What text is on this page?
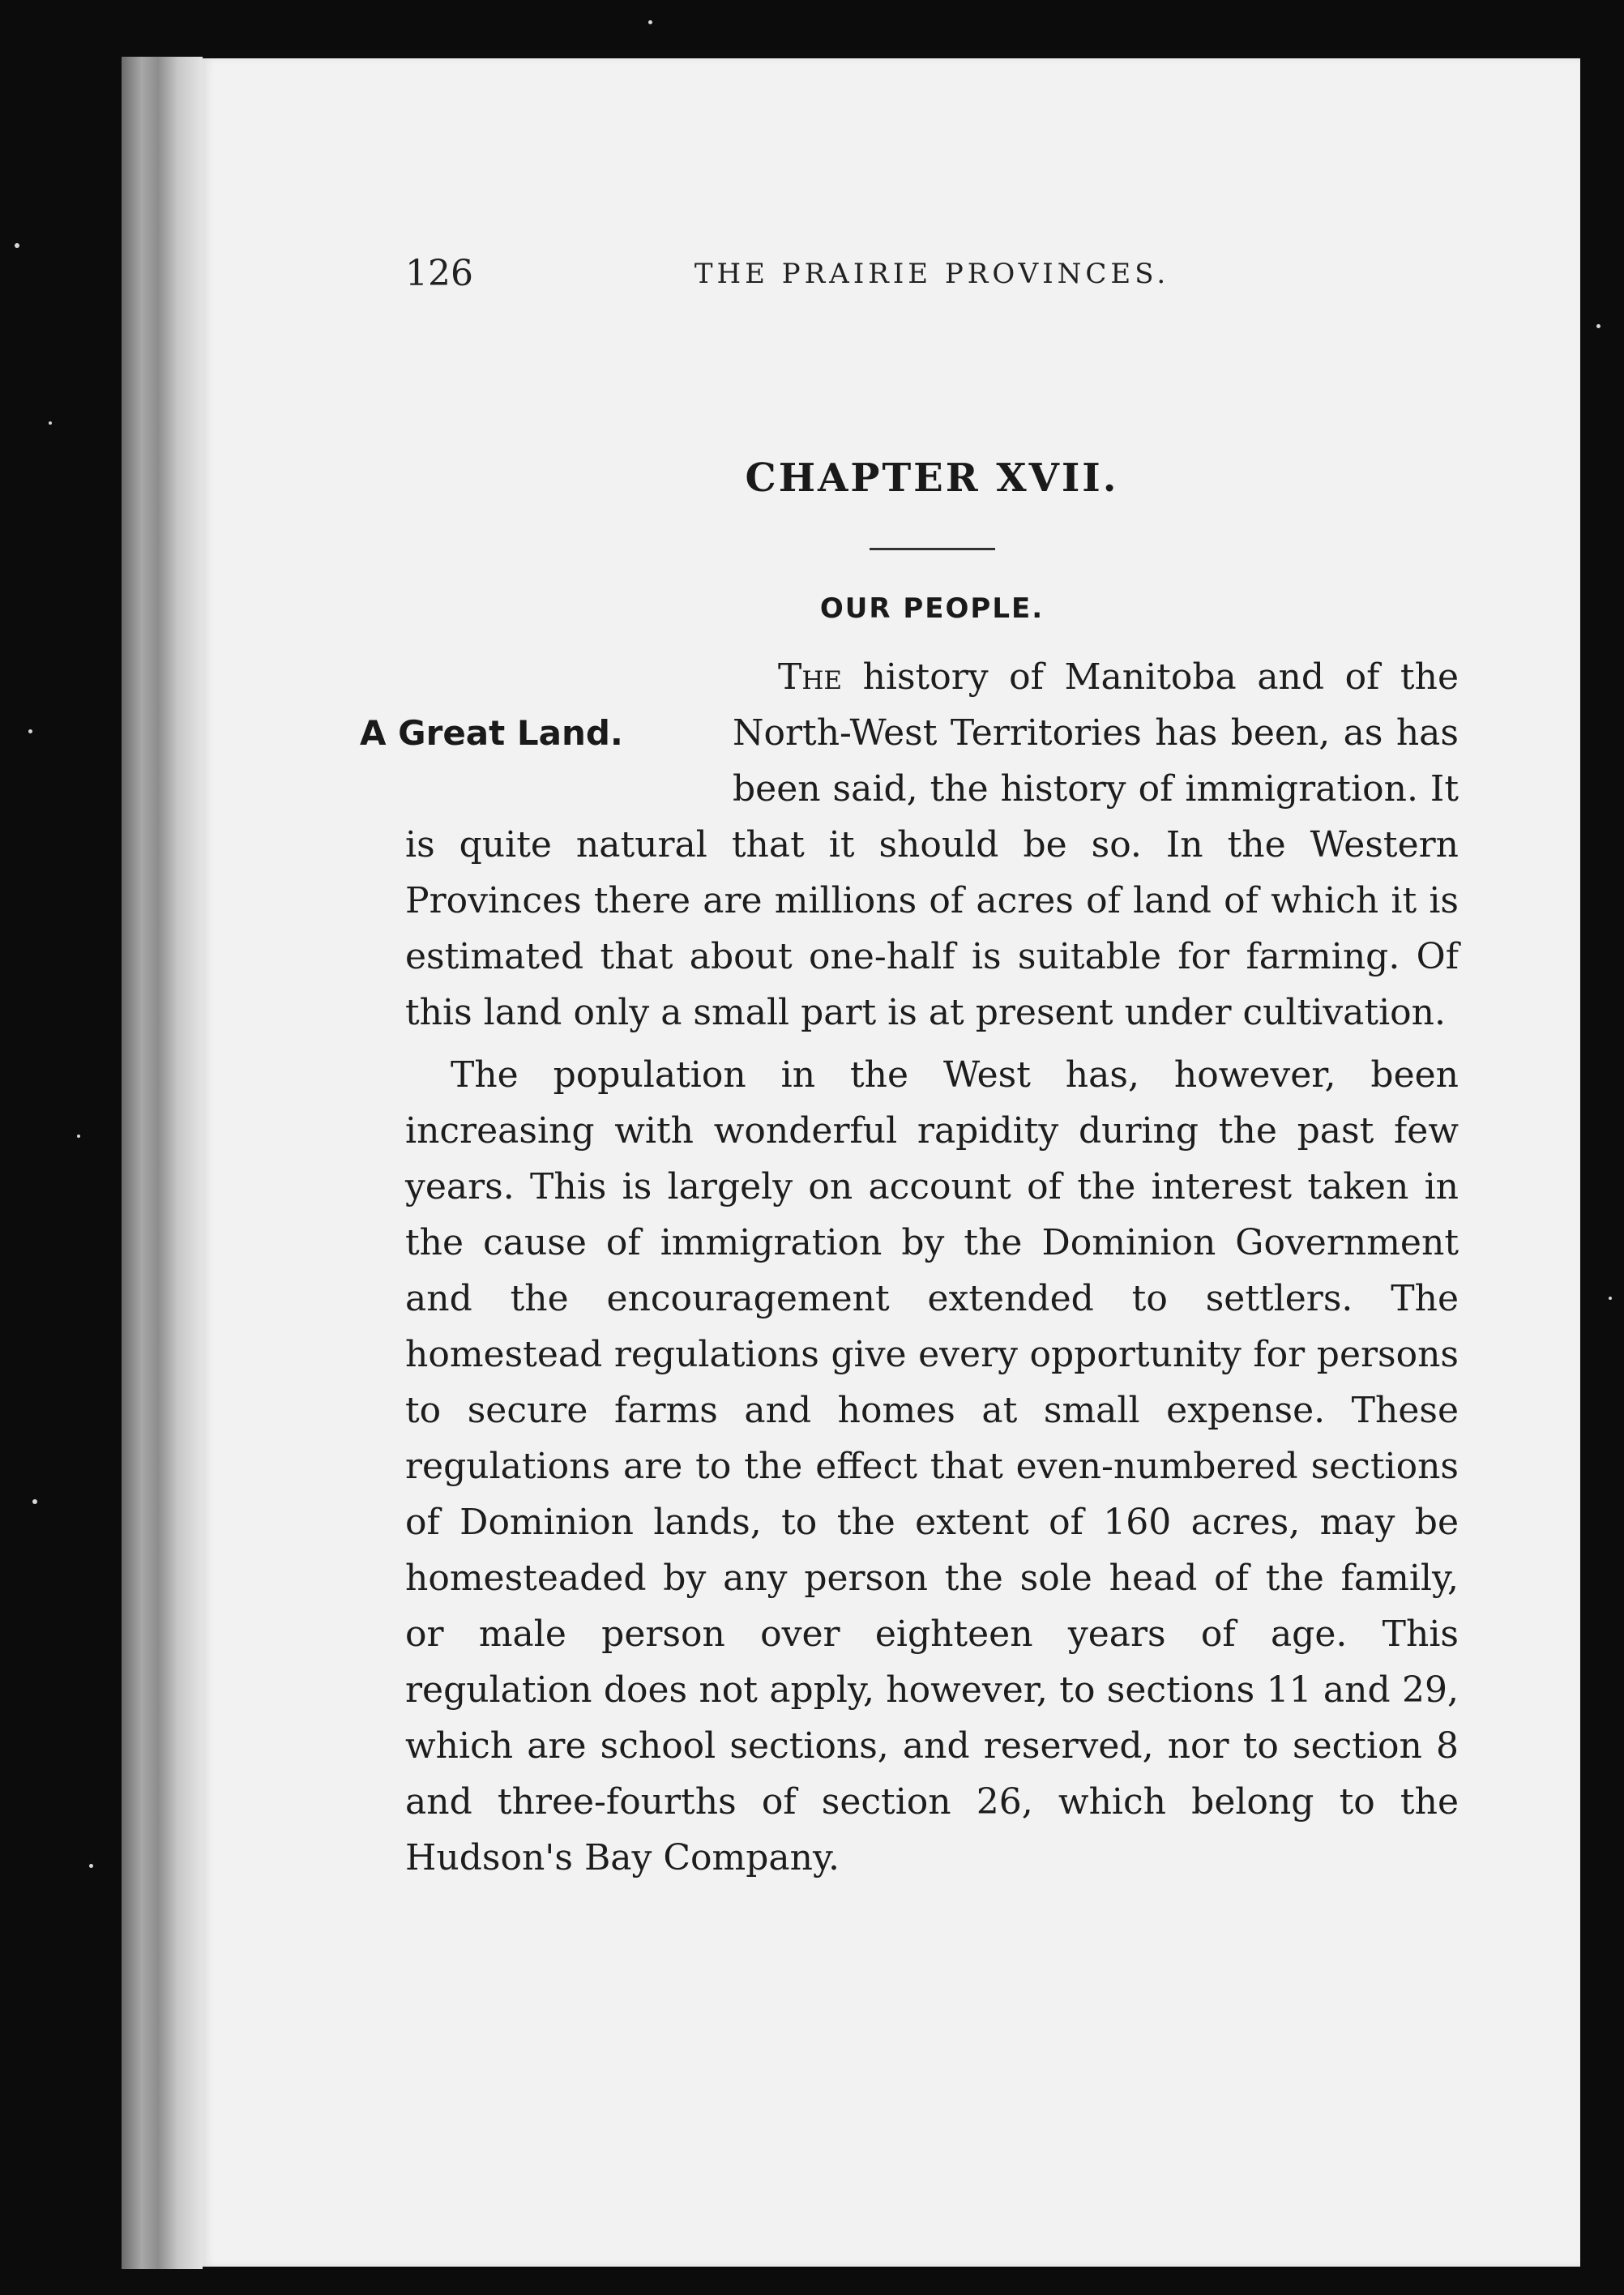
126	THE PRAIRIE PROVINCES.
CHAPTER XVII.
OUR PEOPLE.

A Great Land.
The history of Manitoba and of the North-West Territories has been, as has been said, the history of immigration. It is quite natural that it should be so. In the Western Provinces there are millions of acres of land of which it is estimated that about one-half is suitable for farming. Of this land only a small part is at present under cultivation.

The population in the West has, however, been increasing with wonderful rapidity during the past few years. This is largely on account of the interest taken in the cause of immigration by the Dominion Government and the encouragement extended to settlers. The homestead regulations give every opportunity for persons to secure farms and homes at small expense. These regulations are to the effect that even-numbered sections of Dominion lands, to the extent of 160 acres, may be homesteaded by any person the sole head of the family, or male person over eighteen years of age. This regulation does not apply, however, to sections 11 and 29, which are school sections, and reserved, nor to section 8 and three-fourths of section 26, which belong to the Hudson's Bay Company.
